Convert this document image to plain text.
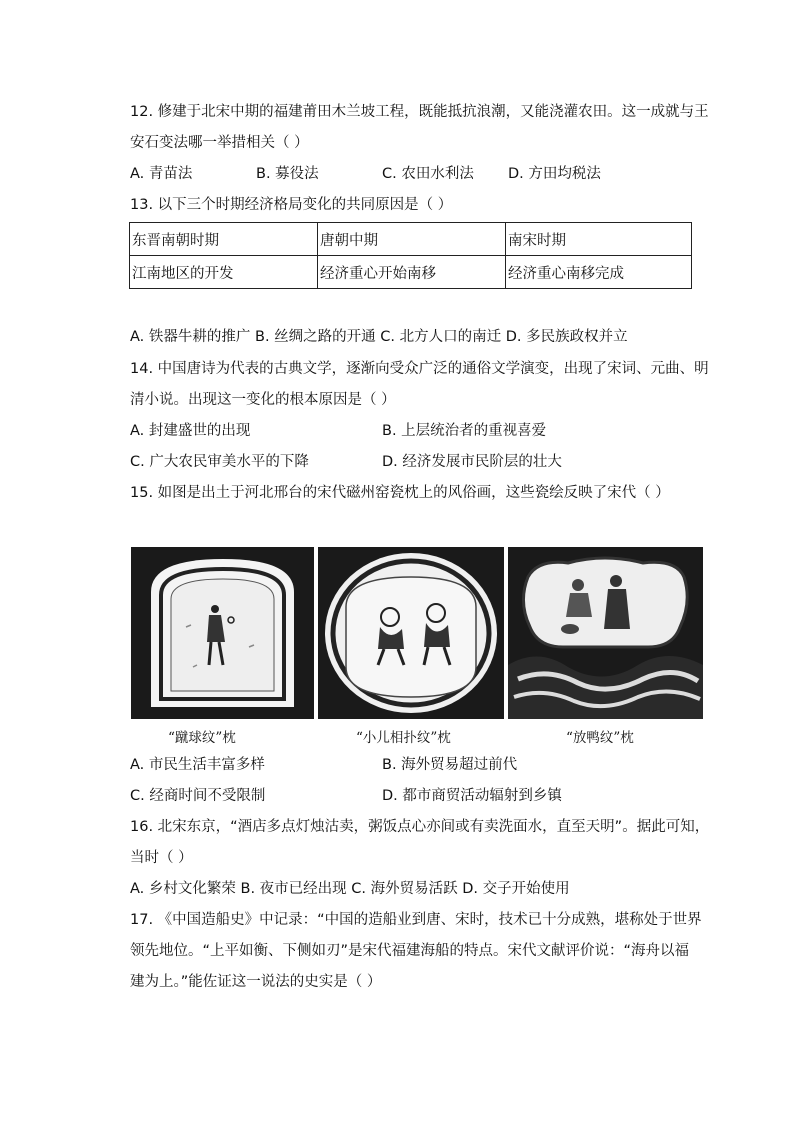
12. 修建于北宋中期的福建莆田木兰坡工程，既能抵抗浪潮，又能浇灌农田。这一成就与王
安石变法哪一举措相关（ ）
A. 青苗法	B. 募役法	C. 农田水利法 D. 方田均税法
13. 以下三个时期经济格局变化的共同原因是（ ）
东晋南朝时期	唐朝中期	南宋时期
江南地区的开发	经济重心开始南移	经济重心南移完成
A. 铁器牛耕的推广 B. 丝绸之路的开通 C. 北方人口的南迁 D. 多民族政权并立
14. 中国唐诗为代表的古典文学，逐渐向受众广泛的通俗文学演变，出现了宋词、元曲、明
清小说。出现这一变化的根本原因是（ ）
A. 封建盛世的出现	B. 上层统治者的重视喜爱
C. 广大农民审美水平的下降	D. 经济发展市民阶层的壮大
15. 如图是出土于河北邢台的宋代磁州窑瓷枕上的风俗画，这些瓷绘反映了宋代（ ）
“蹴球纹”枕	“小儿相扑纹”枕	“放鸭纹”枕
A. 市民生活丰富多样	B. 海外贸易超过前代
C. 经商时间不受限制	D. 都市商贸活动辐射到乡镇
16. 北宋东京，“酒店多点灯烛沽卖，粥饭点心亦间或有卖洗面水，直至天明”。据此可知，
当时（ ）
A. 乡村文化繁荣 B. 夜市已经出现 C. 海外贸易活跃 D. 交子开始使用
17. 《中国造船史》中记录：“中国的造船业到唐、宋时，技术已十分成熟，堪称处于世界
领先地位。“上平如衡、下侧如刃”是宋代福建海船的特点。宋代文献评价说：“海舟以福
建为上。”能佐证这一说法的史实是（ ）
